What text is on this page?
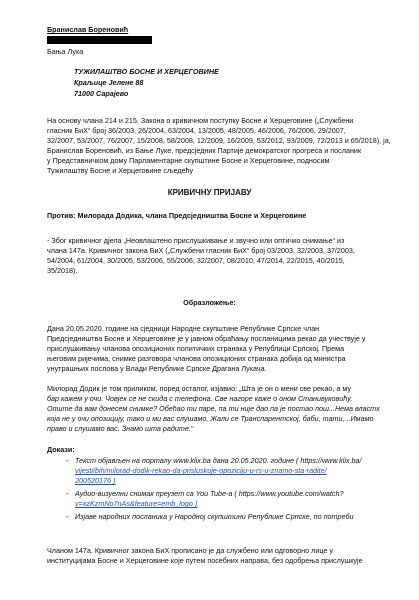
Бранислав Бореновић
Бања Лука
ТУЖИЛАШТВО БОСНЕ И ХЕРЦЕГОВИНЕ
Краљице Јелене 88
71000 Сарајево
На основу члана 214 и 215. Закона о кривичном поступку Босне и Херцеговине („Службени
гласник БиХ“ број 36/2003, 26/2004, 63/2004, 13/2005, 48/2005, 46/2006, 76/2006, 29/2007,
32/2007, 53/2007, 76/2007, 15/2008, 58/2008, 12/2009, 16/2009, 53/2012, 93/2009, 72/2013 и 65/2018), ја,
Бранислав Бореновић, из Бање Луке, предсједник Партије демократског прогреса и посланик
у Представничком дому Парламентарне скупштине Босне и Херцеговине, подносим
Тужилаштву Босне и Херцеговине сљедећу
КРИВИЧНУ ПРИЈАВУ
Против: Милорада Додика, члана Предсједништва Босне и Херцеговине
- Због кривичног дјела „Неовлаштено прислушкивање и звучно или оптичко снимање“ из
члана 147а. Кривичног закона БиХ („Службени гласник БиХ“ број 03/2003, 32/2003, 37/2003,
54/2004, 61/2004, 30/2005, 53/2006, 55/2006, 32/2007, 08/2010, 47/2014, 22/2015, 40/2015,
35/2018).
Образложење:
Дана 20.05.2020. године на сједници Народне скупштине Републике Српске члан
Предсједништва Босне и Херцеговине је у јавном обраћању посланицима рекао да учествује у
прислушкивању чланова опозиционих политичких странака у Републици Српској. Према
његовим ријечима, снимке разговора чланова опозиционих странака добија од министра
унутрашњих послова у Влади Републике Српске Драгана Лукача.
Милорад Додик је том приликом, поред осталог, изјавио: „Шта је он о мени све рекао, а му
бар кажем у очи. Човјек се не скида с телефона. Све нагоре каже о оном Станивуковићу.
Општe да вам донесем снимке? Обећао ти паре, па ти није дао па је постао пош...Нема властх
која не у очи опозицију, тако и ми вас слушамо. Жали се Транспарентској, баби, тати,...Имамо
право и слушамо вас. Знамо шта радите.“
Докази:
- Текст објављен на порталу www.klix.ba дана 20.05.2020. године ( https://www.klix.ba/
vijesti/bih/milorad-dodik-rekao-da-prisluskuje-opoziciju-u-rs-u-znamo-sta-radite/
200520176 )
- Аудио-визуелни снимак преузет са You Tube-a ( https://www.youtube.com/watch?
v=xzKzmNo7nAs&feature=emb_logo )
- Изјаве народних посланика у Народној скупштини Републике Српске, по потреби
Чланом 147а. Кривичног закона БиХ прописано је да службено или одговорно лице у
институцијама Босне и Херцеговине које путем посебних направа, без одобрења прислушкује
